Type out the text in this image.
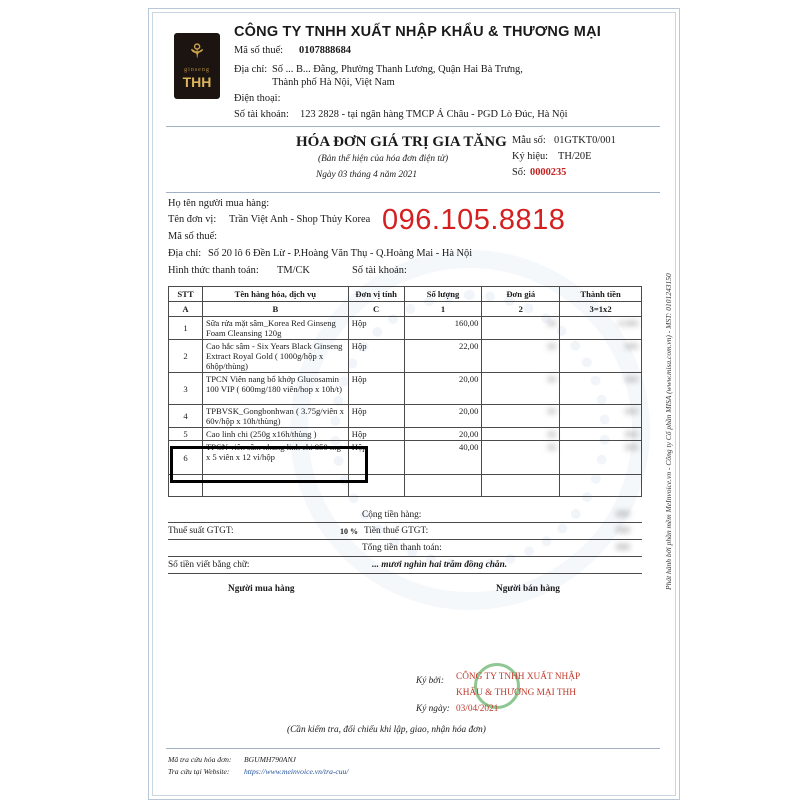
⚘
ginseng
THH
CÔNG TY TNHH XUẤT NHẬP KHẨU & THƯƠNG MẠI
Mã số thuế: 0107888684
Địa chỉ: Số ... B... Đằng, Phường Thanh Lương, Quận Hai Bà Trưng,
Thành phố Hà Nội, Việt Nam
Điện thoại:
Số tài khoản: 123 2828 - tại ngân hàng TMCP Á Châu - PGD Lò Đúc, Hà Nội
HÓA ĐƠN GIÁ TRỊ GIA TĂNG
(Bản thể hiện của hóa đơn điện tử)
Ngày 03 tháng 4 năm 2021
Mẫu số: 01GTKT0/001
Ký hiệu: TH/20E
Số: 0000235
Họ tên người mua hàng:
Tên đơn vị: Trần Việt Anh - Shop Thủy Korea 096.105.8818
Mã số thuế:
Địa chỉ: Số 20 lô 6 Đền Lừ - P.Hoàng Văn Thụ - Q.Hoàng Mai - Hà Nội
Hình thức thanh toán: TM/CK	Số tài khoản:
STT	Tên hàng hóa, dịch vụ	Đơn vị tính	Số lượng	Đơn giá	Thành tiền
A	B	C	1	2	3=1x2
1	Sữa rửa mặt sâm_Korea Red Ginseng Foam Cleansing 120g	Hộp	160,00	00	0.000
2	Cao hắc sâm - Six Years Black Ginseng Extract Royal Gold ( 1000g/hộp x 6hộp/thùng)	Hộp	22,00	00	000
3	TPCN Viên nang bổ khớp Glucosamin 100 VIP ( 600mg/180 viên/hop x 10h/t)	Hộp	20,00	00	000
4	TPBVSK_Gongbonhwan ( 3.75g/viên x 60v/hộp x 10h/thùng)	Hộp	20,00	00	000
5	Cao linh chi (250g x16h/thùng )	Hộp	20,00	00	000
6	TPCN viên sâm nhung linh chi 850 mg x 5 viên x 12 vỉ/hộp	Hộp	40,00	00	000

Cộng tiền hàng:	000
Thuế suất GTGT:	10 % Tiền thuế GTGT:	000
Tổng tiền thanh toán:	000
Số tiền viết bằng chữ:	... mươi nghìn hai trăm đồng chẵn.
Người mua hàng	Người bán hàng
Ký bởi: CÔNG TY TNHH XUẤT NHẬP
KHẨU & THƯƠNG MẠI THH
Ký ngày: 03/04/2021
(Cần kiểm tra, đối chiếu khi lập, giao, nhận hóa đơn)
Mã tra cứu hóa đơn: BGUMH790ANJ
Tra cứu tại Website: https://www.meinvoice.vn/tra-cuu/
Phát hành bởi phần mềm MeInvoice.vn - Công ty Cổ phần MISA (www.misa.com.vn) - MST: 0101243150
